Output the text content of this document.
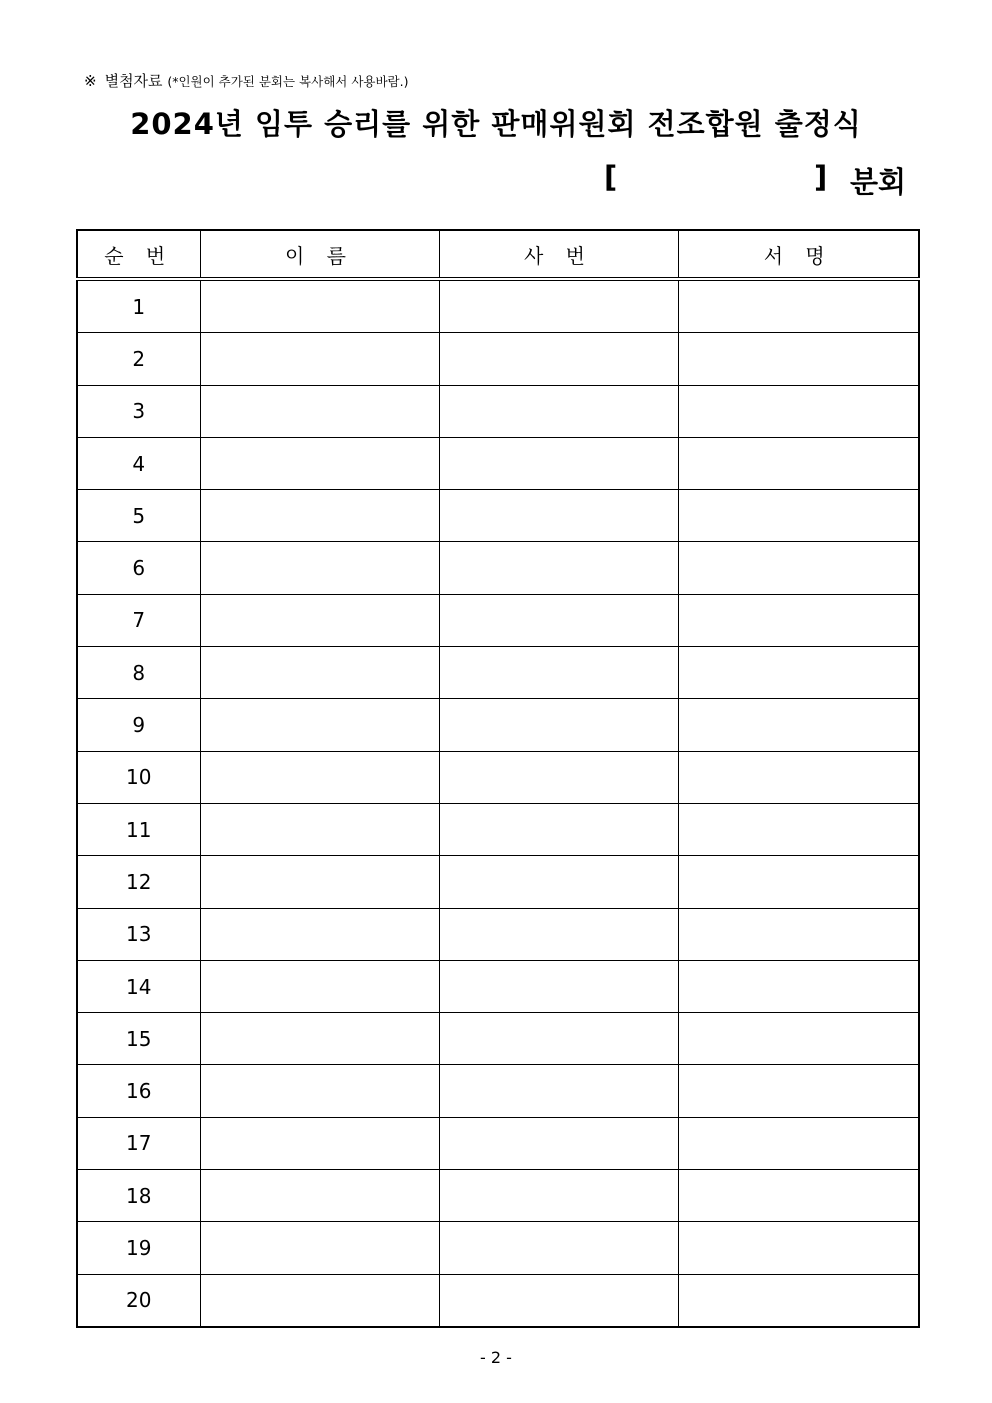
※ 별첨자료 (*인원이 추가된 분회는 복사해서 사용바람.)
2024년 임투 승리를 위한 판매위원회 전조합원 출정식
[	] 분회
순 번	이 름	사 번	서 명
1			
2			
3			
4			
5			
6			
7			
8			
9			
10			
11			
12			
13			
14			
15			
16			
17			
18			
19			
20			
- 2 -
